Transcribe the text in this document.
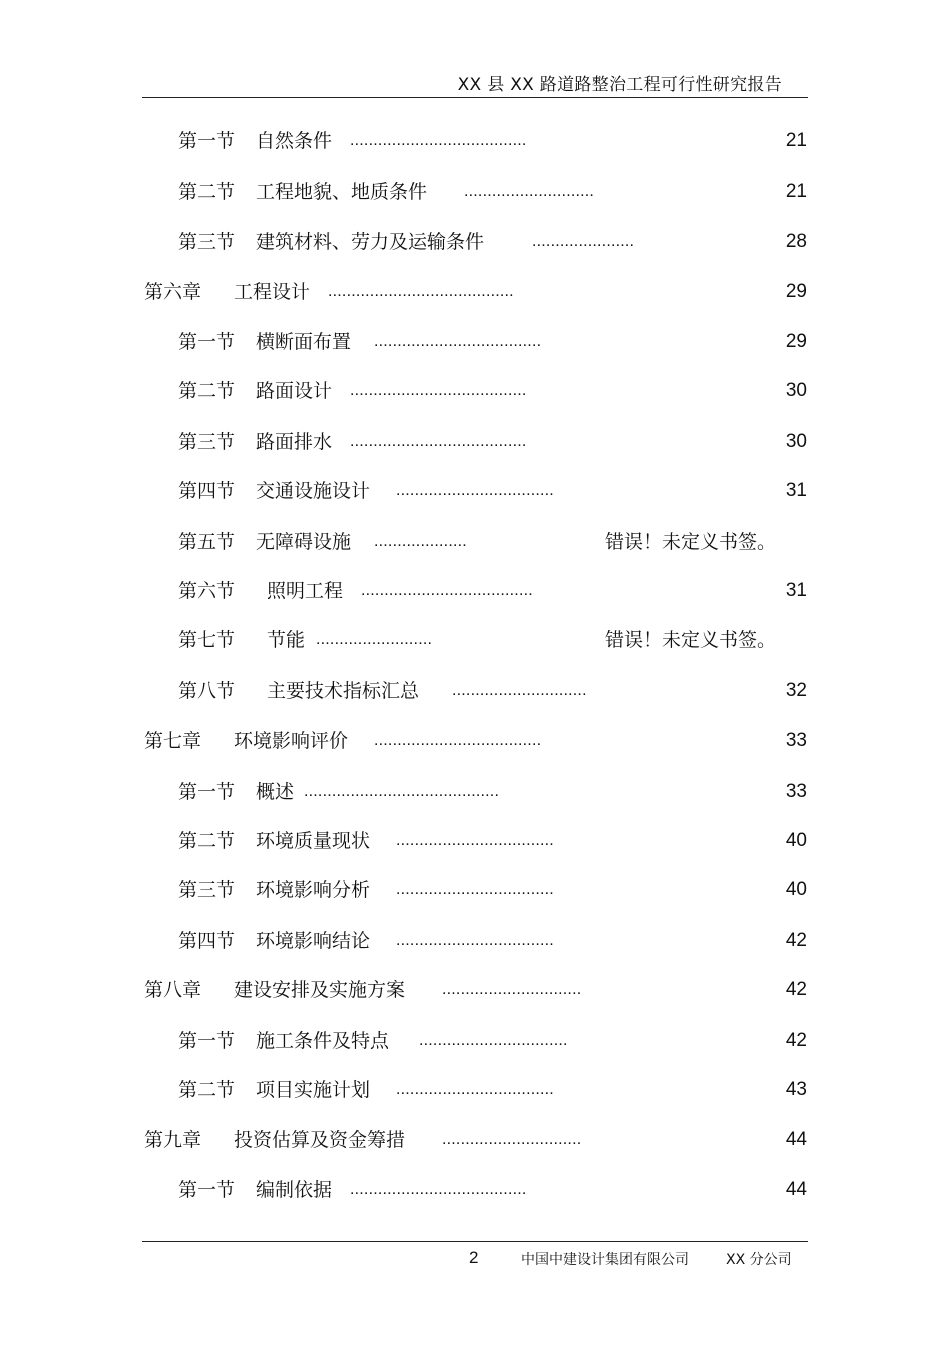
XX 县 XX 路道路整治工程可行性研究报告
第一节 自然条件 ......................................	21
第二节 工程地貌、地质条件 ............................	21
第三节 建筑材料、劳力及运输条件	......................	28
第六章 工程设计 ........................................	29
第一节 横断面布置 ....................................	29
第二节 路面设计 ......................................	30
第三节 路面排水 ......................................	30
第四节 交通设施设计 ..................................	31
第五节 无障碍设施 ....................	错误！未定义书签。
第六节 照明工程 .....................................	31
第七节 节能 .........................	错误！未定义书签。
第八节 主要技术指标汇总 .............................	32
第七章 环境影响评价 ....................................	33
第一节 概述 ..........................................	33
第二节 环境质量现状 ..................................	40
第三节 环境影响分析 ..................................	40
第四节 环境影响结论 ..................................	42
第八章 建设安排及实施方案 ..............................	42
第一节 施工条件及特点 ................................	42
第二节 项目实施计划 ..................................	43
第九章 投资估算及资金筹措 ..............................	44
第一节 编制依据 ......................................	44
2	中国中建设计集团有限公司	XX 分公司
